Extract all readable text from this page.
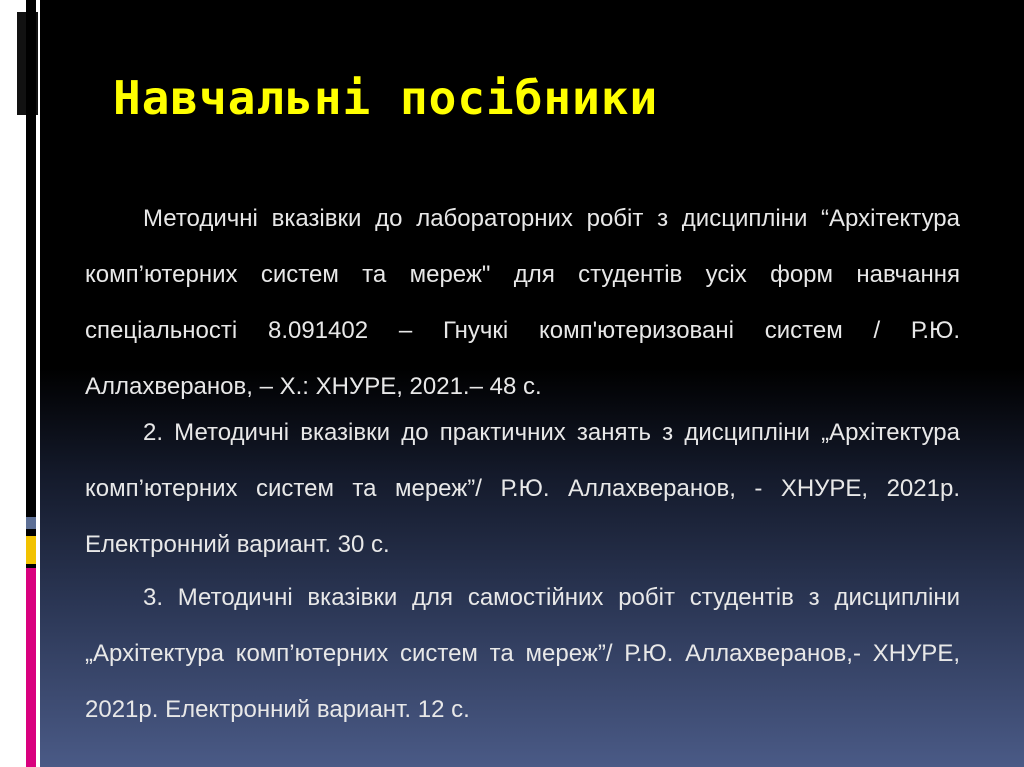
Навчальні посібники

Методичні вказівки до лабораторних робіт з дисципліни “Архітектура комп’ютерних систем та мереж" для студентів усіх форм навчання спеціальності 8.091402 – Гнучкі комп'ютеризовані систем / Р.Ю. Аллахверанов, – Х.: ХНУРЕ, 2021.– 48 с.

2. Методичні вказівки до практичних занять з дисципліни „Архітектура комп’ютерних систем та мереж”/ Р.Ю. Аллахверанов, - ХНУРЕ, 2021р. Електронний вариант. 30 с.

3. Методичні вказівки для самостійних робіт студентів з дисципліни „Архітектура комп’ютерних систем та мереж”/ Р.Ю. Аллахверанов,- ХНУРЕ, 2021р. Електронний вариант. 12 с.
